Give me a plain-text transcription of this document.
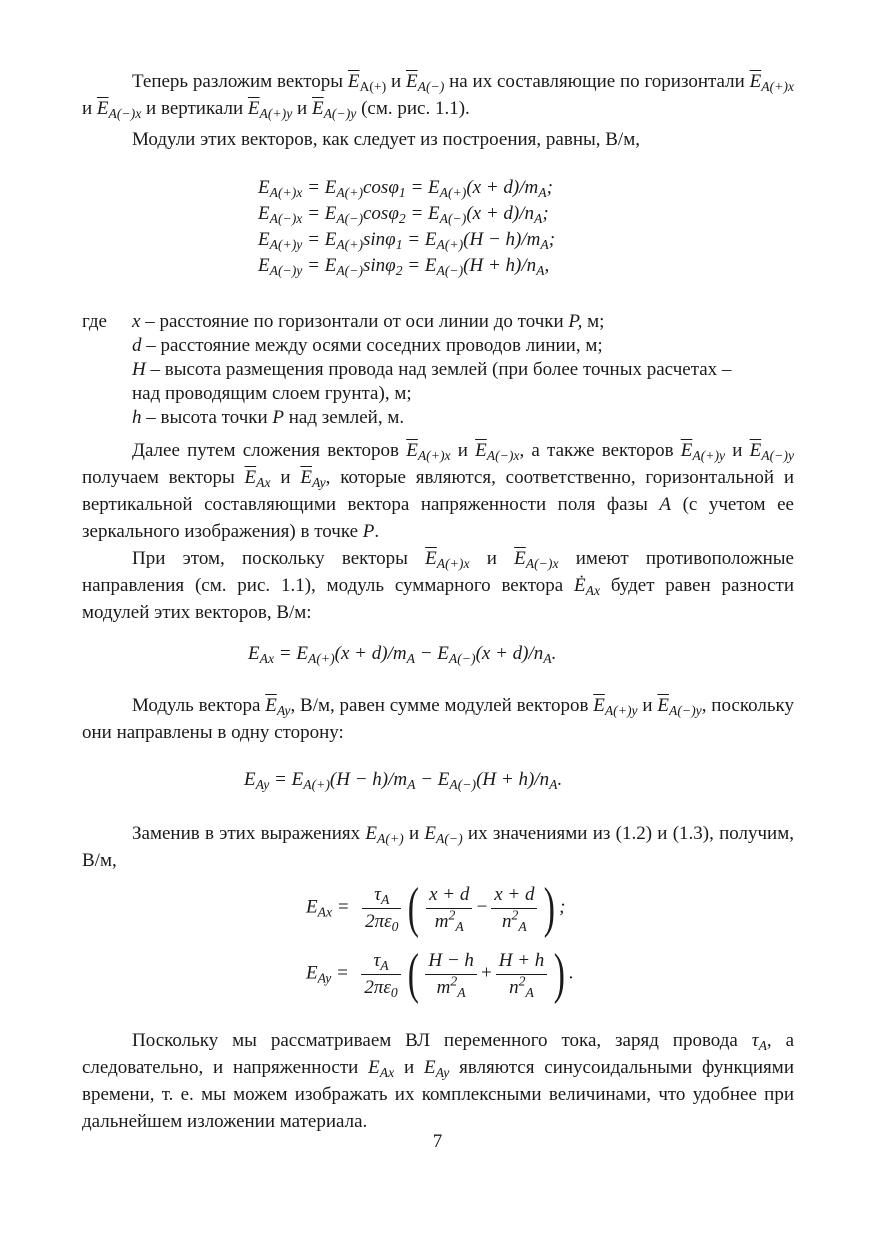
Теперь разложим векторы $\overline{E}_{A(+)}$ и $\overline{E}_{A(-)}$ на их составляющие по горизонтали $\overline{E}_{A(+)x}$ и $\overline{E}_{A(-)x}$ и вертикали $\overline{E}_{A(+)y}$ и $\overline{E}_{A(-)y}$ (см. рис. 1.1).

Модули этих векторов, как следует из построения, равны, В/м,

$E_{A(+)x} = E_{A(+)}\cos\varphi_1 = E_{A(+)}(x + d)/m_A$;
$E_{A(-)x} = E_{A(-)}\cos\varphi_2 = E_{A(-)}(x + d)/n_A$;
$E_{A(+)y} = E_{A(+)}\sin\varphi_1 = E_{A(+)}(H - h)/m_A$;
$E_{A(-)y} = E_{A(-)}\sin\varphi_2 = E_{A(-)}(H + h)/n_A$,
где x – расстояние по горизонтали от оси линии до точки P, м;
d – расстояние между осями соседних проводов линии, м;
H – высота размещения провода над землей (при более точных расчетах –
над проводящим слоем грунта), м;
h – высота точки P над землей, м.

Далее путем сложения векторов $\overline{E}_{A(+)x}$ и $\overline{E}_{A(-)x}$, а также векторов $\overline{E}_{A(+)y}$ и $\overline{E}_{A(-)y}$ получаем векторы $\overline{E}_{Ax}$ и $\overline{E}_{Ay}$, которые являются, соответственно, горизонтальной и вертикальной составляющими вектора напряженности поля фазы A (с учетом ее зеркального изображения) в точке P.

При этом, поскольку векторы $\overline{E}_{A(+)x}$ и $\overline{E}_{A(-)x}$ имеют противоположные направления (см. рис. 1.1), модуль суммарного вектора $Ė_{Ax}$ будет равен разности модулей этих векторов, В/м:

$E_{Ax} = E_{A(+)}(x + d)/m_A - E_{A(-)}(x + d)/n_A$.

Модуль вектора $\overline{E}_{Ay}$, В/м, равен сумме модулей векторов $\overline{E}_{A(+)y}$ и $\overline{E}_{A(-)y}$, поскольку они направлены в одну сторону:

$E_{Ay} = E_{A(+)}(H - h)/m_A - E_{A(-)}(H + h)/n_A$.

Заменив в этих выражениях $E_{A(+)}$ и $E_{A(-)}$ их значениями из (1.2) и (1.3), получим, В/м,

$E_{Ax} = \frac{\tau_A}{2\pi\varepsilon_0}$ ( $\frac{x + d}{m^2_A} - \frac{x + d}{n^2_A}$ ) ;
$E_{Ay} = \frac{\tau_A}{2\pi\varepsilon_0}$ ( $\frac{H - h}{m^2_A} + \frac{H + h}{n^2_A}$ ) .

Поскольку мы рассматриваем ВЛ переменного тока, заряд провода $\tau_A$, а следовательно, и напряженности $E_{Ax}$ и $E_{Ay}$ являются синусоидальными функциями времени, т. е. мы можем изображать их комплексными величинами, что удобнее при дальнейшем изложении материала.

7
